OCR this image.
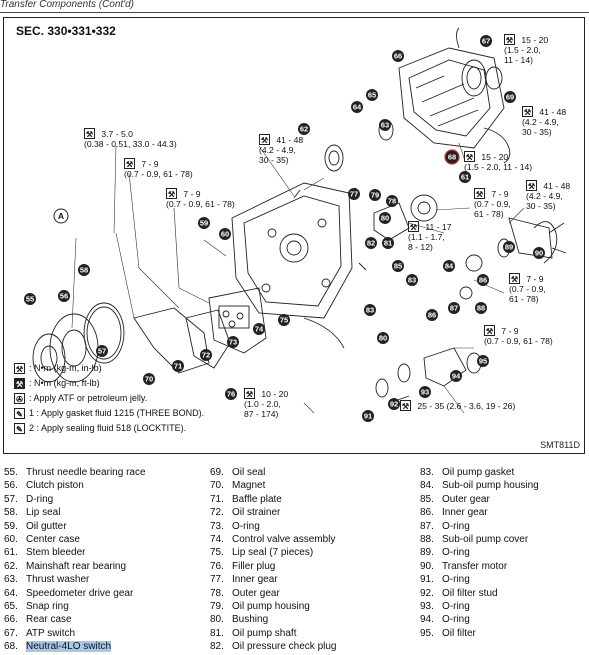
Transfer Components (Cont'd)
SEC. 330•331•332
66
65
64
63
62
67
69
68
77 79
80
61
78
82 81
85	84
83	86
87 88
89
90
86
80
83
95
94
93
92
91
60
59
58
55	56
57
71
72
73
74
75
70
76
A
⚒ 3.7 - 5.0
(0.38 - 0.51, 33.0 - 44.3)
⚒ 7 - 9
(0.7 - 0.9, 61 - 78)
⚒ 7 - 9
(0.7 - 0.9, 61 - 78)
⚒ 41 - 48
(4.2 - 4.9,
30 - 35)
⚒ 15 - 20
(1.5 - 2.0,
11 - 14)
⚒ 41 - 48
(4.2 - 4.9,
30 - 35)
⚒ 15 - 20
(1.5 - 2.0, 11 - 14)
⚒ 7 - 9
(0.7 - 0.9,
61 - 78)
⚒ 41 - 48
(4.2 - 4.9,
30 - 35)
⚒ 11 - 17
(1.1 - 1.7,
8 - 12)
⚒ 7 - 9
(0.7 - 0.9,
61 - 78)
⚒ 7 - 9
(0.7 - 0.9, 61 - 78)
⚒ 10 - 20
(1.0 - 2.0,
87 - 174)
⚒ 25 - 35 (2.6 - 3.6, 19 - 26)
⚒ : N•m (kg-m, in-lb)
⚒ : N•m (kg-m, ft-lb)
✇ : Apply ATF or petroleum jelly.
✎ 1 : Apply gasket fluid 1215 (THREE BOND).
✎ 2 : Apply sealing fluid 518 (LOCKTITE).
SMT811D
55. Thrust needle bearing race
56. Clutch piston
57. D-ring
58. Lip seal
59. Oil gutter
60. Center case
61. Stem bleeder
62. Mainshaft rear bearing
63. Thrust washer
64. Speedometer drive gear
65. Snap ring
66. Rear case
67. ATP switch
68. Neutral-4LO switch
69. Oil seal
70. Magnet
71. Baffle plate
72. Oil strainer
73. O-ring
74. Control valve assembly
75. Lip seal (7 pieces)
76. Filler plug
77. Inner gear
78. Outer gear
79. Oil pump housing
80. Bushing
81. Oil pump shaft
82. Oil pressure check plug
83. Oil pump gasket
84. Sub-oil pump housing
85. Outer gear
86. Inner gear
87. O-ring
88. Sub-oil pump cover
89. O-ring
90. Transfer motor
91. O-ring
92. Oil filter stud
93. O-ring
94. O-ring
95. Oil filter
